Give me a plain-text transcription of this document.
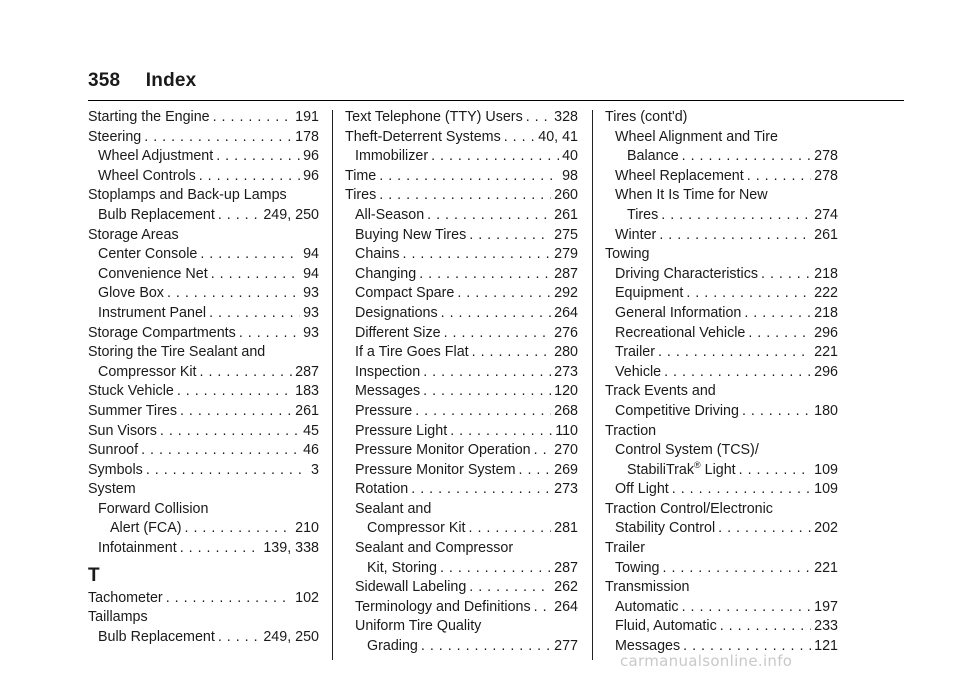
358 Index
Starting the Engine . . .	191
Steering . . .	178
Wheel Adjustment . . .	96
Wheel Controls . . .	96
Stoplamps and Back-up Lamps
Bulb Replacement . . .	249, 250
Storage Areas
Center Console . . .	94
Convenience Net . . .	94
Glove Box . . .	93
Instrument Panel . . .	93
Storage Compartments . . .	93
Storing the Tire Sealant and
Compressor Kit . . .	287
Stuck Vehicle . . .	183
Summer Tires . . .	261
Sun Visors . . .	45
Sunroof . . .	46
Symbols . . .	3
System
Forward Collision
Alert (FCA) . . .	210
Infotainment . . .	139, 338
T
Tachometer . . .	102
Taillamps
Bulb Replacement . . .	249, 250
Text Telephone (TTY) Users . . . 328
Theft-Deterrent Systems . . .	40, 41
Immobilizer . . .	40
Time . . .	98
Tires . . .	260
All-Season . . .	261
Buying New Tires . . .	275
Chains . . .	279
Changing . . .	287
Compact Spare . . .	292
Designations . . .	264
Different Size . . .	276
If a Tire Goes Flat . . .	280
Inspection . . .	273
Messages . . .	120
Pressure . . .	268
Pressure Light . . .	110
Pressure Monitor Operation . . . 270
Pressure Monitor System . . .	269
Rotation . . .	273
Sealant and
Compressor Kit . . .	281
Sealant and Compressor
Kit, Storing . . .	287
Sidewall Labeling . . .	262
Terminology and Definitions . . . 264
Uniform Tire Quality
Grading . . .	277
Tires (cont'd)
Wheel Alignment and Tire
Balance . . .	278
Wheel Replacement . . .	278
When It Is Time for New
Tires . . .	274
Winter . . .	261
Towing
Driving Characteristics . . .	218
Equipment . . .	222
General Information . . .	218
Recreational Vehicle . . .	296
Trailer . . .	221
Vehicle . . .	296
Track Events and
Competitive Driving . . .	180
Traction
Control System (TCS)/
StabiliTrak® Light . . .	109
Off Light . . .	109
Traction Control/Electronic
Stability Control . . .	202
Trailer
Towing . . .	221
Transmission
Automatic . . .	197
Fluid, Automatic . . .	233
Messages . . .	121
carmanualsonline.info
